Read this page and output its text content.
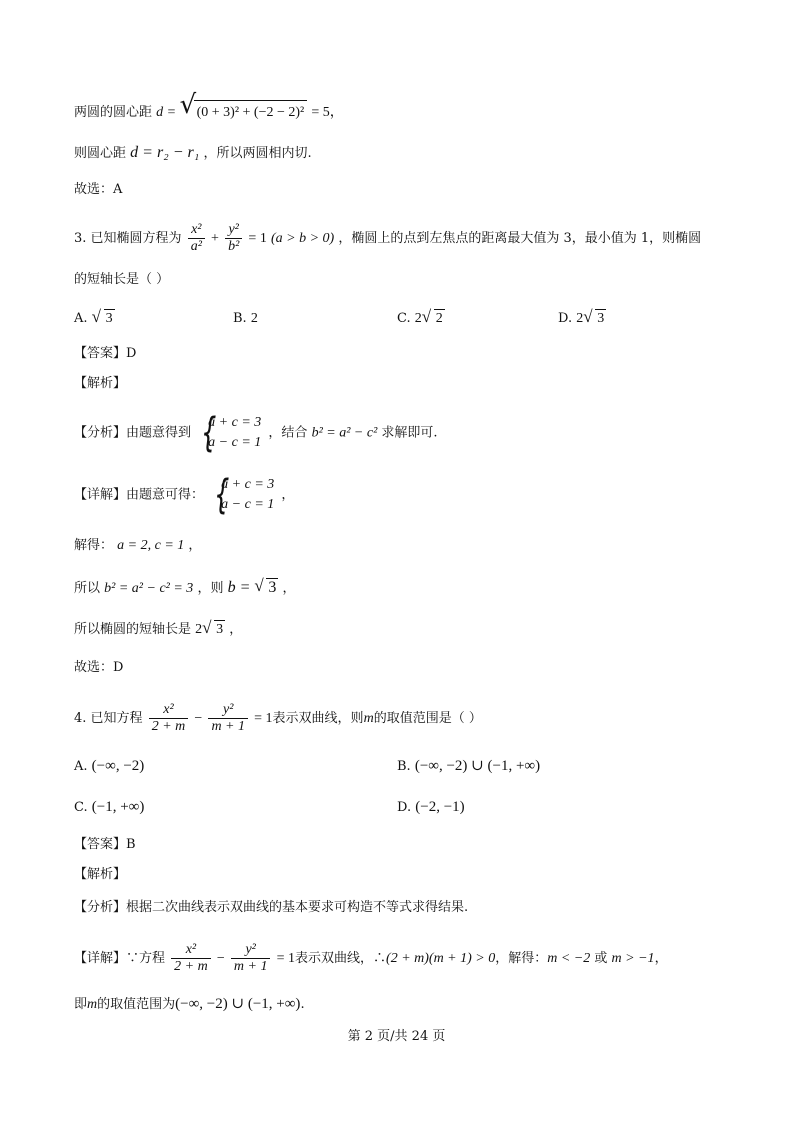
两圆的圆心距 d = √ (0 + 3)² + (−2 − 2)² = 5，
则圆心距 d = r₂ − r₁ ，所以两圆相内切.
故选：A
3. 已知椭圆方程为 $\frac{\text{x²}}{\text{a²}} + \frac{\text{y²}}{\text{b²}} = 1$ (a > b > 0) ，椭圆上的点到左焦点的距离最大值为 3，最小值为 1，则椭圆
的短轴长是（ ）
A. √ 3	B. 2	C. 2 √ 2	D. 2 √ 3
【答案】D
【解析】
【分析】由题意得到
{ a + c = 3
a − c = 1
，结合 b² = a² − c² 求解即可.
【详解】由题意可得：
{ a + c = 3
a − c = 1
，
解得： a = 2, c = 1 ，
所以 b² = a² − c² = 3 ，则 b = √ 3 ，
所以椭圆的短轴长是 2 √ 3 ，
故选：D
4. 已知方程 $\frac{\text{x²}}{2 + m} - \frac{\text{y²}}{m + 1} = 1$表示双曲线，则m的取值范围是（ ）
A. (−∞, −2)	B. (−∞, −2) ∪ (−1, +∞)
C. (−1, +∞)	D. (−2, −1)
【答案】B
【解析】
【分析】根据二次曲线表示双曲线的基本要求可构造不等式求得结果.
【详解】∵方程 $\frac{\text{x²}}{2 + m} - \frac{\text{y²}}{m + 1} = 1$表示双曲线，∴(2 + m)(m + 1) > 0，解得：m < −2 或 m > −1，
即m的取值范围为(−∞, −2) ∪ (−1, +∞).
第 2 页/共 24 页
